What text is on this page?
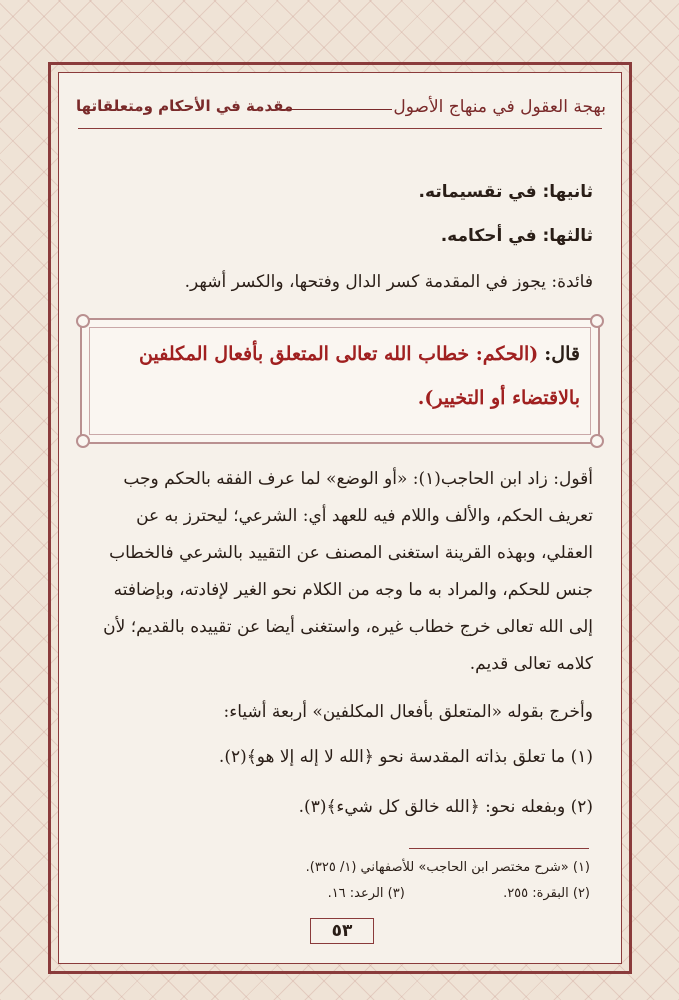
بهجة العقول في منهاج الأصول
مقدمة في الأحكام ومتعلقاتها
ثانيها: في تقسيماته.
ثالثها: في أحكامه.
فائدة: يجوز في المقدمة كسر الدال وفتحها، والكسر أشهر.
قال: (الحكم: خطاب الله تعالى المتعلق بأفعال المكلفين
بالاقتضاء أو التخيير).
أقول: زاد ابن الحاجب(١): «أو الوضع» لما عرف الفقه بالحكم وجب
تعريف الحكم، والألف واللام فيه للعهد أي: الشرعي؛ ليحترز به عن
العقلي، وبهذه القرينة استغنى المصنف عن التقييد بالشرعي فالخطاب
جنس للحكم، والمراد به ما وجه من الكلام نحو الغير لإفادته، وبإضافته
إلى الله تعالى خرج خطاب غيره، واستغنى أيضا عن تقييده بالقديم؛ لأن
كلامه تعالى قديم.
وأخرج بقوله «المتعلق بأفعال المكلفين» أربعة أشياء:
(١) ما تعلق بذاته المقدسة نحو ﴿الله لا إله إلا هو﴾(٢).
(٢) وبفعله نحو: ﴿الله خالق كل شيء﴾(٣).
(١) «شرح مختصر ابن الحاجب» للأصفهاني (١/ ٣٢٥).
(٢) البقرة: ٢٥٥.  (٣) الرعد: ١٦.
٥٣
